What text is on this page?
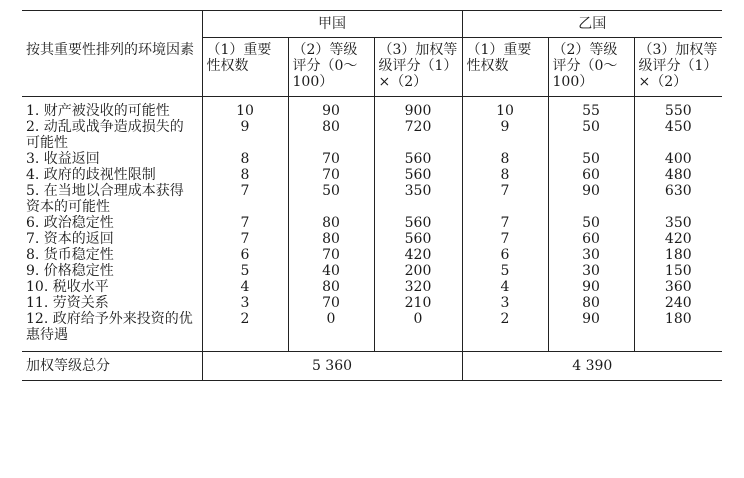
	甲国			乙国		
按其重要性排列的环境因素	（1）重要性权数	（2）等级评分（0～100）	（3）加权等级评分（1）×（2）	（1）重要性权数	（2）等级评分（0～100）	（3）加权等级评分（1）×（2）
1. 财产被没收的可能性	10	90	900	10	55	550
2. 动乱或战争造成损失的可能性	9	80	720	9	50	450
3. 收益返回	8	70	560	8	50	400
4. 政府的歧视性限制	8	70	560	8	60	480
5. 在当地以合理成本获得资本的可能性	7	50	350	7	90	630
6. 政治稳定性	7	80	560	7	50	350
7. 资本的返回	7	80	560	7	60	420
8. 货币稳定性	6	70	420	6	30	180
9. 价格稳定性	5	40	200	5	30	150
10. 税收水平	4	80	320	4	90	360
11. 劳资关系	3	70	210	3	80	240
12. 政府给予外来投资的优惠待遇	2	0	0	2	90	180
加权等级总分	5 360			4 390		
